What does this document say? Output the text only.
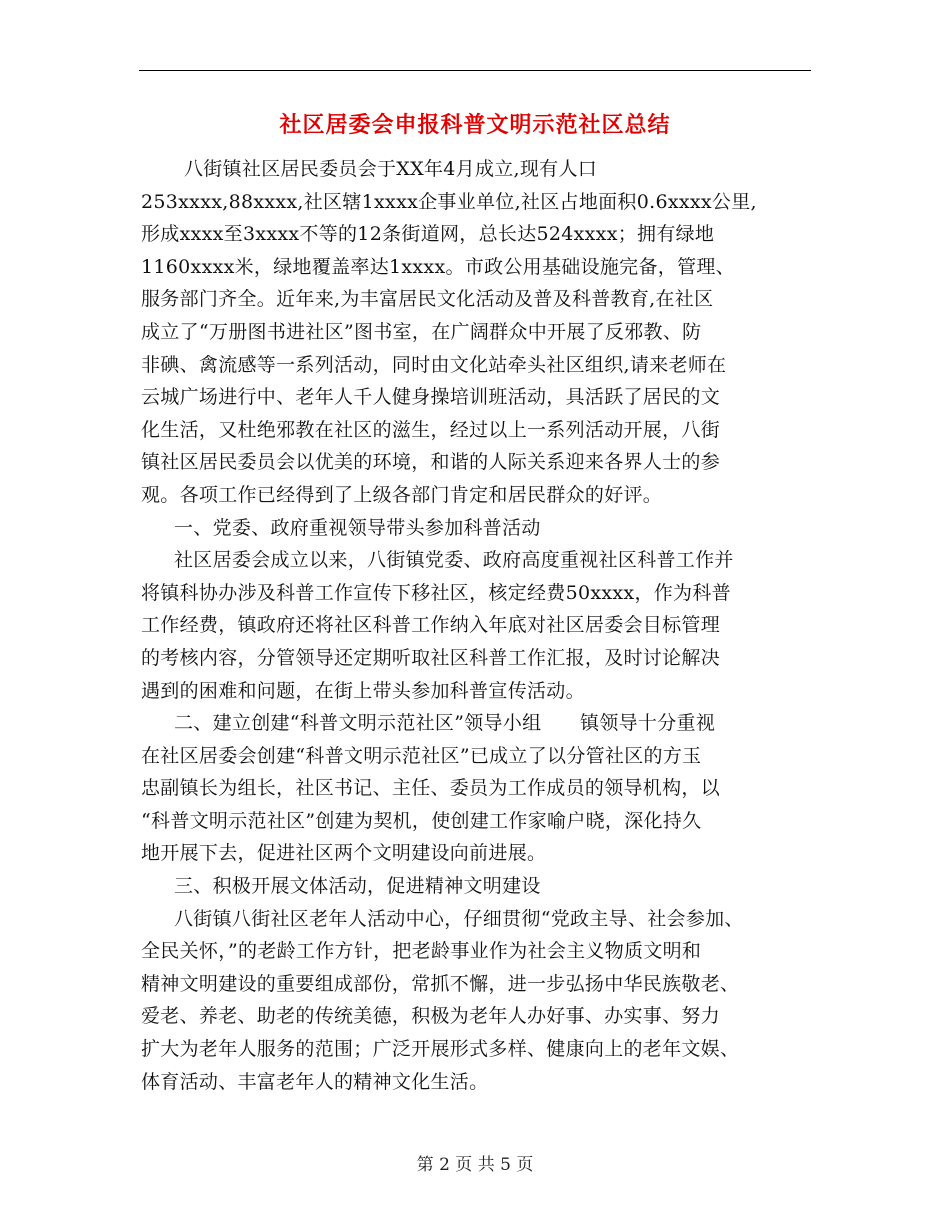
社区居委会申报科普文明示范社区总结
八街镇社区居民委员会于XX年4月成立,现有人口
253xxxx,88xxxx,社区辖1xxxx企事业单位,社区占地面积0.6xxxx公里,
形成xxxx至3xxxx不等的12条街道网，总长达524xxxx；拥有绿地
1160xxxx米，绿地覆盖率达1xxxx。市政公用基础设施完备，管理、
服务部门齐全。近年来,为丰富居民文化活动及普及科普教育,在社区
成立了“万册图书进社区”图书室，在广阔群众中开展了反邪教、防
非碘、禽流感等一系列活动，同时由文化站牵头社区组织,请来老师在
云城广场进行中、老年人千人健身操培训班活动，具活跃了居民的文
化生活，又杜绝邪教在社区的滋生，经过以上一系列活动开展，八街
镇社区居民委员会以优美的环境，和谐的人际关系迎来各界人士的参
观。各项工作已经得到了上级各部门肯定和居民群众的好评。
一、党委、政府重视领导带头参加科普活动
社区居委会成立以来，八街镇党委、政府高度重视社区科普工作并
将镇科协办涉及科普工作宣传下移社区，核定经费50xxxx，作为科普
工作经费，镇政府还将社区科普工作纳入年底对社区居委会目标管理
的考核内容，分管领导还定期听取社区科普工作汇报，及时讨论解决
遇到的困难和问题，在街上带头参加科普宣传活动。
二、建立创建“科普文明示范社区”领导小组　　镇领导十分重视
在社区居委会创建“科普文明示范社区”已成立了以分管社区的方玉
忠副镇长为组长，社区书记、主任、委员为工作成员的领导机构，以
“科普文明示范社区”创建为契机，使创建工作家喻户晓，深化持久
地开展下去，促进社区两个文明建设向前进展。
三、积极开展文体活动，促进精神文明建设
八街镇八街社区老年人活动中心，仔细贯彻“党政主导、社会参加、
全民关怀，”的老龄工作方针，把老龄事业作为社会主义物质文明和
精神文明建设的重要组成部份，常抓不懈，进一步弘扬中华民族敬老、
爱老、养老、助老的传统美德，积极为老年人办好事、办实事、努力
扩大为老年人服务的范围；广泛开展形式多样、健康向上的老年文娱、
体育活动、丰富老年人的精神文化生活。
第 2 页 共 5 页
